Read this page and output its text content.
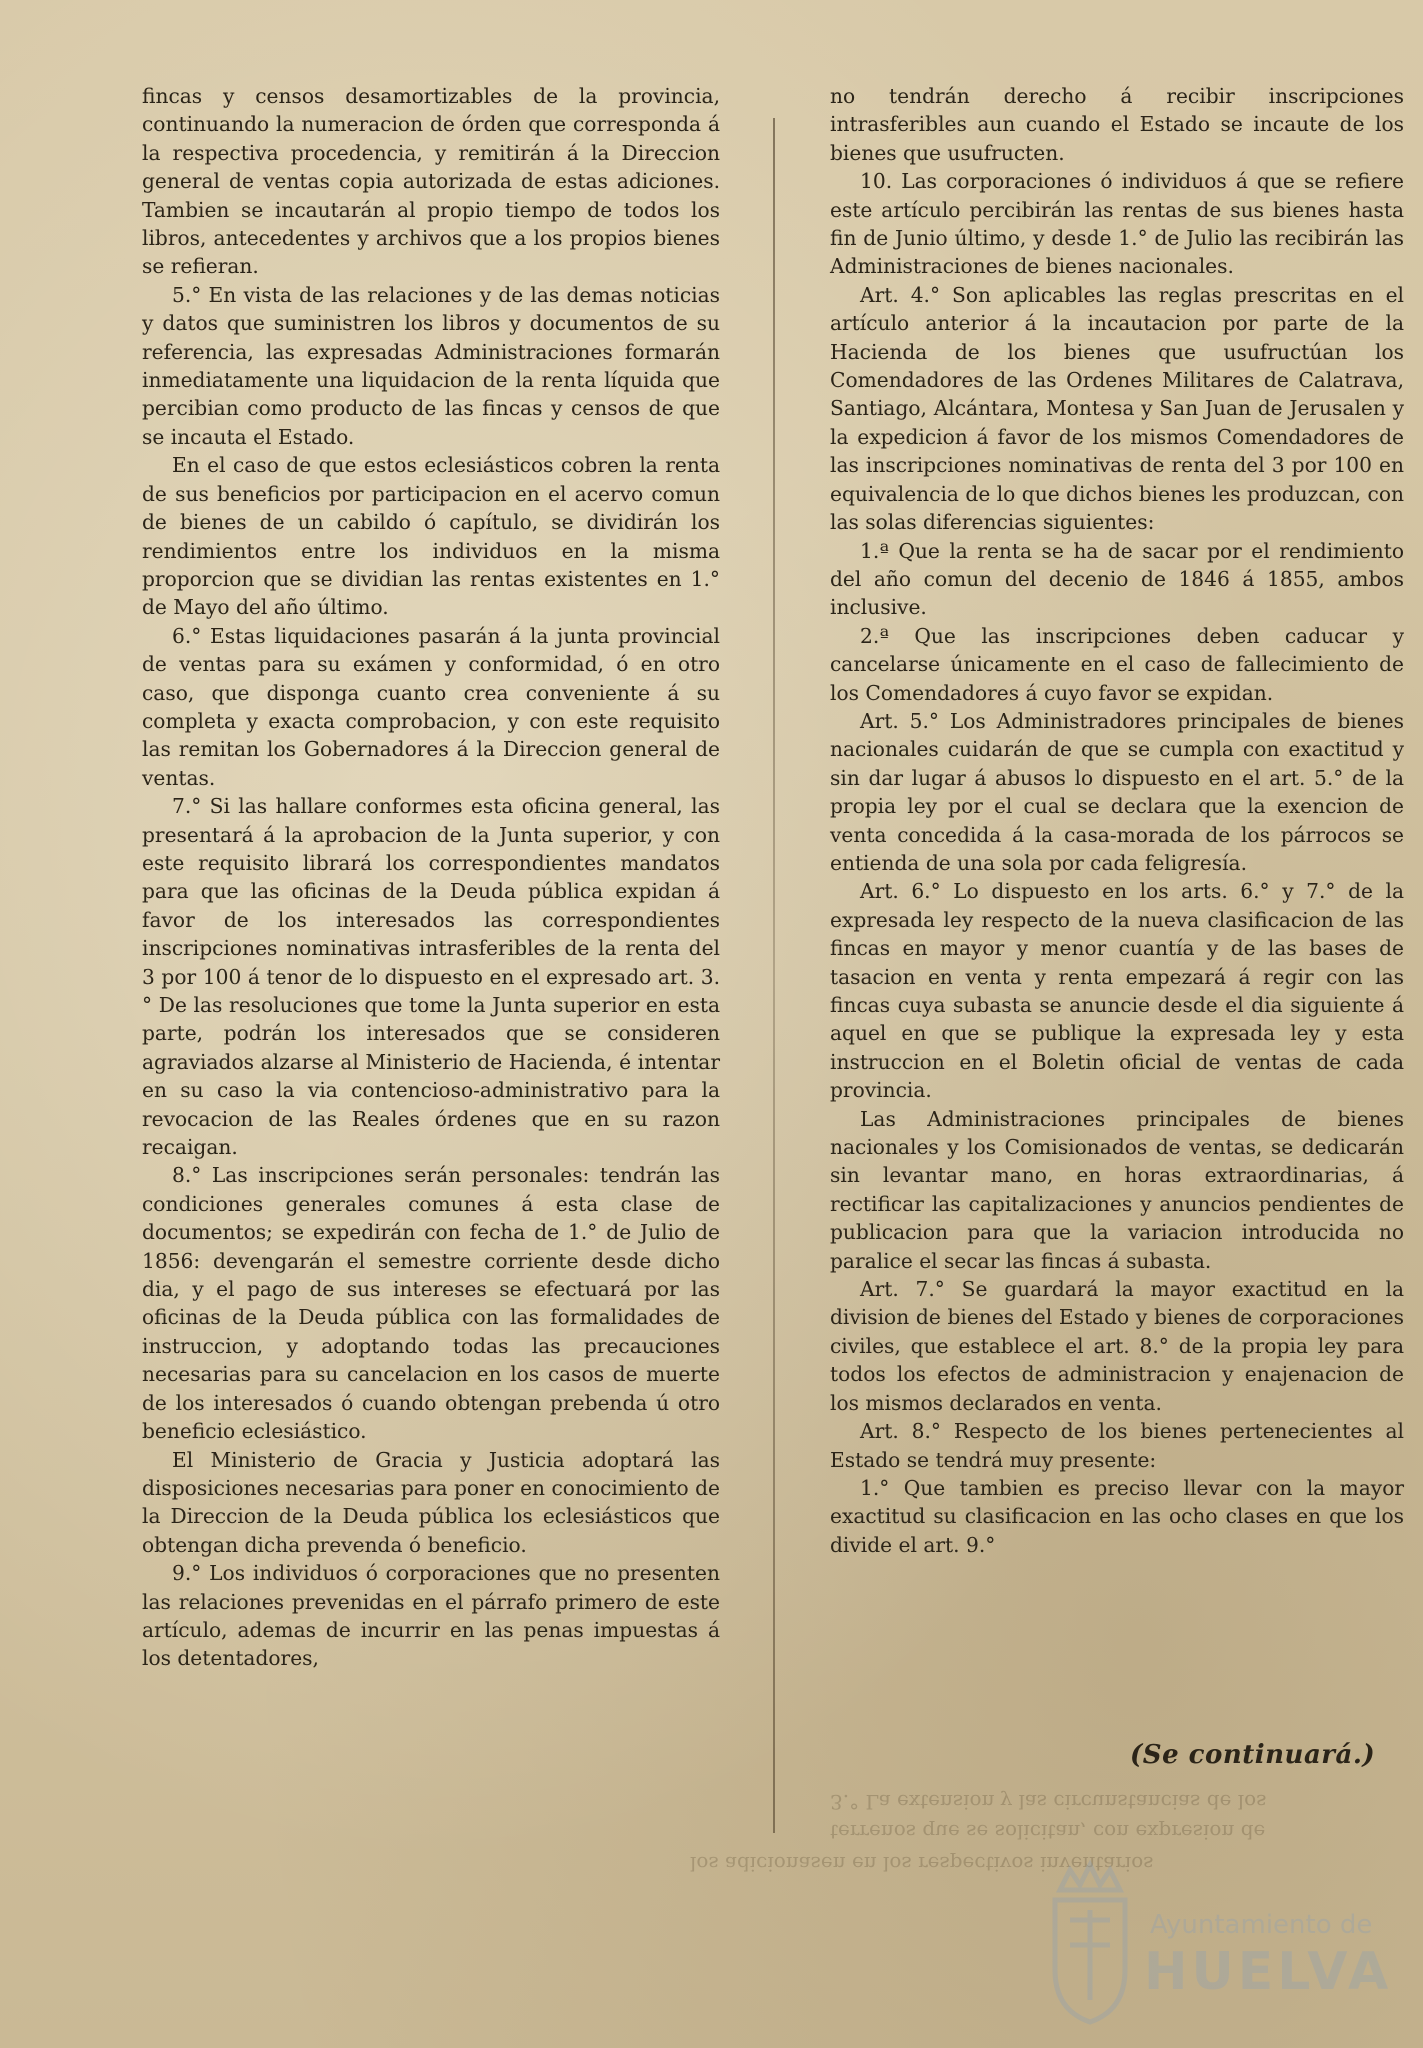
fincas y censos desamortizables de la provincia, continuando la numeracion de órden que corresponda á la respectiva procedencia, y remitirán á la Direccion general de ventas copia autorizada de estas adiciones. Tambien se incautarán al propio tiempo de todos los libros, antecedentes y archivos que a los propios bienes se refieran.

5.° En vista de las relaciones y de las demas noticias y datos que suministren los libros y documentos de su referencia, las expresadas Administraciones formarán inmediatamente una liquidacion de la renta líquida que percibian como producto de las fincas y censos de que se incauta el Estado.

En el caso de que estos eclesiásticos cobren la renta de sus beneficios por participacion en el acervo comun de bienes de un cabildo ó capítulo, se dividirán los rendimientos entre los individuos en la misma proporcion que se dividian las rentas existentes en 1.° de Mayo del año último.

6.° Estas liquidaciones pasarán á la junta provincial de ventas para su exámen y conformidad, ó en otro caso, que disponga cuanto crea conveniente á su completa y exacta comprobacion, y con este requisito las remitan los Gobernadores á la Direccion general de ventas.

7.° Si las hallare conformes esta oficina general, las presentará á la aprobacion de la Junta superior, y con este requisito librará los correspondientes mandatos para que las oficinas de la Deuda pública expidan á favor de los interesados las correspondientes inscripciones nominativas intrasferibles de la renta del 3 por 100 á tenor de lo dispuesto en el expresado art. 3.° De las resoluciones que tome la Junta superior en esta parte, podrán los interesados que se consideren agraviados alzarse al Ministerio de Hacienda, é intentar en su caso la via contencioso-administrativo para la revocacion de las Reales órdenes que en su razon recaigan.

8.° Las inscripciones serán personales: tendrán las condiciones generales comunes á esta clase de documentos; se expedirán con fecha de 1.° de Julio de 1856: devengarán el semestre corriente desde dicho dia, y el pago de sus intereses se efectuará por las oficinas de la Deuda pública con las formalidades de instruccion, y adoptando todas las precauciones necesarias para su cancelacion en los casos de muerte de los interesados ó cuando obtengan prebenda ú otro beneficio eclesiástico.

El Ministerio de Gracia y Justicia adoptará las disposiciones necesarias para poner en conocimiento de la Direccion de la Deuda pública los eclesiásticos que obtengan dicha prevenda ó beneficio.

9.° Los individuos ó corporaciones que no presenten las relaciones prevenidas en el párrafo primero de este artículo, ademas de incurrir en las penas impuestas á los detentadores,

no tendrán derecho á recibir inscripciones intrasferibles aun cuando el Estado se incaute de los bienes que usufructen.

10. Las corporaciones ó individuos á que se refiere este artículo percibirán las rentas de sus bienes hasta fin de Junio último, y desde 1.° de Julio las recibirán las Administraciones de bienes nacionales.

Art. 4.° Son aplicables las reglas prescritas en el artículo anterior á la incautacion por parte de la Hacienda de los bienes que usufructúan los Comendadores de las Ordenes Militares de Calatrava, Santiago, Alcántara, Montesa y San Juan de Jerusalen y la expedicion á favor de los mismos Comendadores de las inscripciones nominativas de renta del 3 por 100 en equivalencia de lo que dichos bienes les produzcan, con las solas diferencias siguientes:

1.ª Que la renta se ha de sacar por el rendimiento del año comun del decenio de 1846 á 1855, ambos inclusive.

2.ª Que las inscripciones deben caducar y cancelarse únicamente en el caso de fallecimiento de los Comendadores á cuyo favor se expidan.

Art. 5.° Los Administradores principales de bienes nacionales cuidarán de que se cumpla con exactitud y sin dar lugar á abusos lo dispuesto en el art. 5.° de la propia ley por el cual se declara que la exencion de venta concedida á la casa-morada de los párrocos se entienda de una sola por cada feligresía.

Art. 6.° Lo dispuesto en los arts. 6.° y 7.° de la expresada ley respecto de la nueva clasificacion de las fincas en mayor y menor cuantía y de las bases de tasacion en venta y renta empezará á regir con las fincas cuya subasta se anuncie desde el dia siguiente á aquel en que se publique la expresada ley y esta instruccion en el Boletin oficial de ventas de cada provincia.

Las Administraciones principales de bienes nacionales y los Comisionados de ventas, se dedicarán sin levantar mano, en horas extraordinarias, á rectificar las capitalizaciones y anuncios pendientes de publicacion para que la variacion introducida no paralice el secar las fincas á subasta.

Art. 7.° Se guardará la mayor exactitud en la division de bienes del Estado y bienes de corporaciones civiles, que establece el art. 8.° de la propia ley para todos los efectos de administracion y enajenacion de los mismos declarados en venta.

Art. 8.° Respecto de los bienes pertenecientes al Estado se tendrá muy presente:

1.° Que tambien es preciso llevar con la mayor exactitud su clasificacion en las ocho clases en que los divide el art. 9.°

(Se continuará.)
3.° La extension y las circunstancias de los
terrenos que se solicitan, con expresion de
los adicionasen en los respectivos inventarios
Ayuntamiento de
HUELVA
